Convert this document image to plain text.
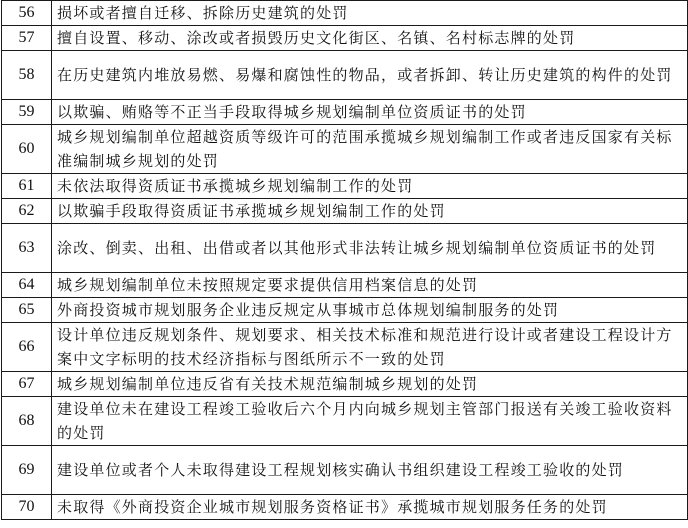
56	损坏或者擅自迁移、拆除历史建筑的处罚
57	擅自设置、移动、涂改或者损毁历史文化街区、名镇、名村标志牌的处罚
58	在历史建筑内堆放易燃、易爆和腐蚀性的物品，或者拆卸、转让历史建筑的构件的处罚
59	以欺骗、贿赂等不正当手段取得城乡规划编制单位资质证书的处罚
60	城乡规划编制单位超越资质等级许可的范围承揽城乡规划编制工作或者违反国家有关标准编制城乡规划的处罚
61	未依法取得资质证书承揽城乡规划编制工作的处罚
62	以欺骗手段取得资质证书承揽城乡规划编制工作的处罚
63	涂改、倒卖、出租、出借或者以其他形式非法转让城乡规划编制单位资质证书的处罚
64	城乡规划编制单位未按照规定要求提供信用档案信息的处罚
65	外商投资城市规划服务企业违反规定从事城市总体规划编制服务的处罚
66	设计单位违反规划条件、规划要求、相关技术标准和规范进行设计或者建设工程设计方案中文字标明的技术经济指标与图纸所示不一致的处罚
67	城乡规划编制单位违反省有关技术规范编制城乡规划的处罚
68	建设单位未在建设工程竣工验收后六个月内向城乡规划主管部门报送有关竣工验收资料的处罚
69	建设单位或者个人未取得建设工程规划核实确认书组织建设工程竣工验收的处罚
70	未取得《外商投资企业城市规划服务资格证书》承揽城市规划服务任务的处罚
